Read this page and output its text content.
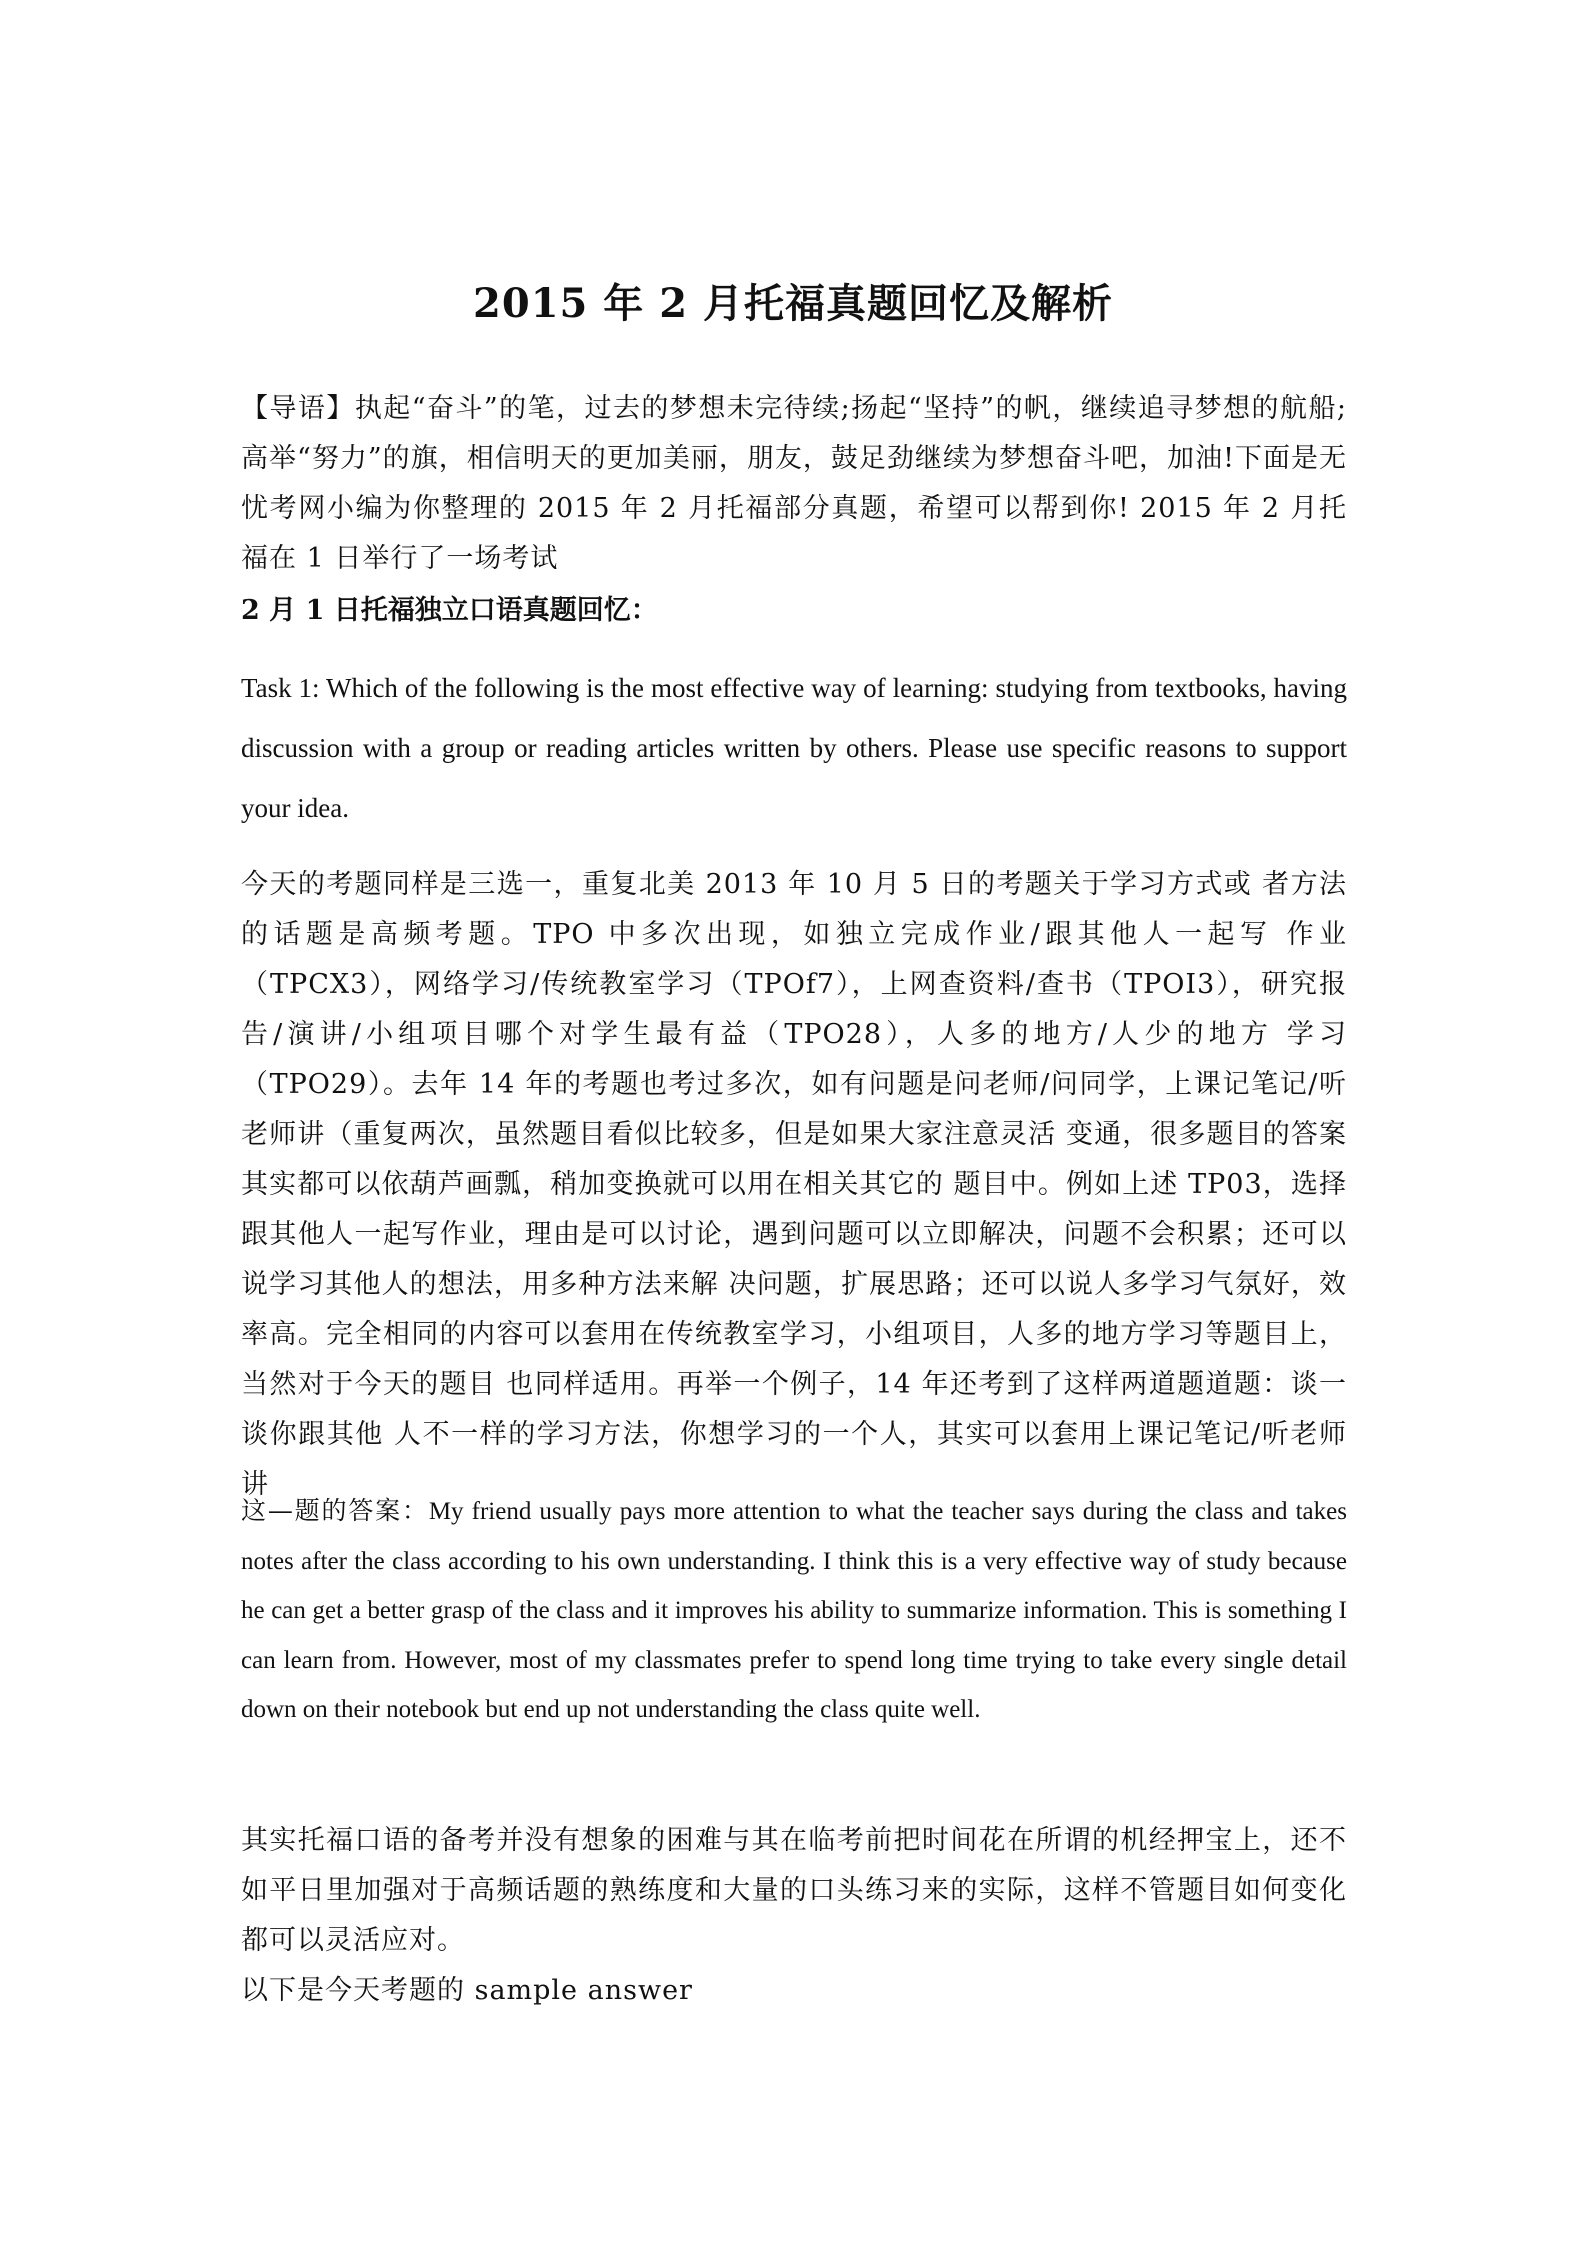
2015 年 2 月托福真题回忆及解析
【导语】执起“奋斗”的笔，过去的梦想未完待续;扬起“坚持”的帆，继续追寻梦想的航船;高举“努力”的旗，相信明天的更加美丽，朋友，鼓足劲继续为梦想奋斗吧，加油!下面是无忧考网小编为你整理的 2015 年 2 月托福部分真题，希望可以帮到你! 2015 年 2 月托福在 1 日举行了一场考试
2 月 1 日托福独立口语真题回忆：
Task 1: Which of the following is the most effective way of learning: studying from textbooks, having discussion with a group or reading articles written by others. Please use specific reasons to support your idea.
今天的考题同样是三选一，重复北美 2013 年 10 月 5 日的考题关于学习方式或 者方法的话题是高频考题。TPO 中多次出现，如独立完成作业/跟其他人一起写 作业（TPCX3），网络学习/传统教室学习（TPOf7），上网查资料/查书（TPOI3），研究报告/演讲/小组项目哪个对学生最有益（TPO28），人多的地方/人少的地方 学习（TPO29）。去年 14 年的考题也考过多次，如有问题是问老师/问同学，上课记笔记/听老师讲（重复两次，虽然题目看似比较多，但是如果大家注意灵活 变通，很多题目的答案其实都可以依葫芦画瓢，稍加变换就可以用在相关其它的 题目中。例如上述 TP03，选择跟其他人一起写作业，理由是可以讨论，遇到问题可以立即解决，问题不会积累；还可以说学习其他人的想法，用多种方法来解 决问题，扩展思路；还可以说人多学习气氛好，效率高。完全相同的内容可以套用在传统教室学习，小组项目，人多的地方学习等题目上，当然对于今天的题目 也同样适用。再举一个例子，14 年还考到了这样两道题道题：谈一谈你跟其他 人不一样的学习方法，你想学习的一个人，其实可以套用上课记笔记/听老师讲
这—题的答案：My friend usually pays more attention to what the teacher says during the class and takes notes after the class according to his own understanding. I think this is a very effective way of study because he can get a better grasp of the class and it improves his ability to summarize information. This is something I can learn from. However, most of my classmates prefer to spend long time trying to take every single detail down on their notebook but end up not understanding the class quite well.
其实托福口语的备考并没有想象的困难与其在临考前把时间花在所谓的机经押宝上，还不如平日里加强对于高频话题的熟练度和大量的口头练习来的实际，这样不管题目如何变化都可以灵活应对。
以下是今天考题的 sample answer
